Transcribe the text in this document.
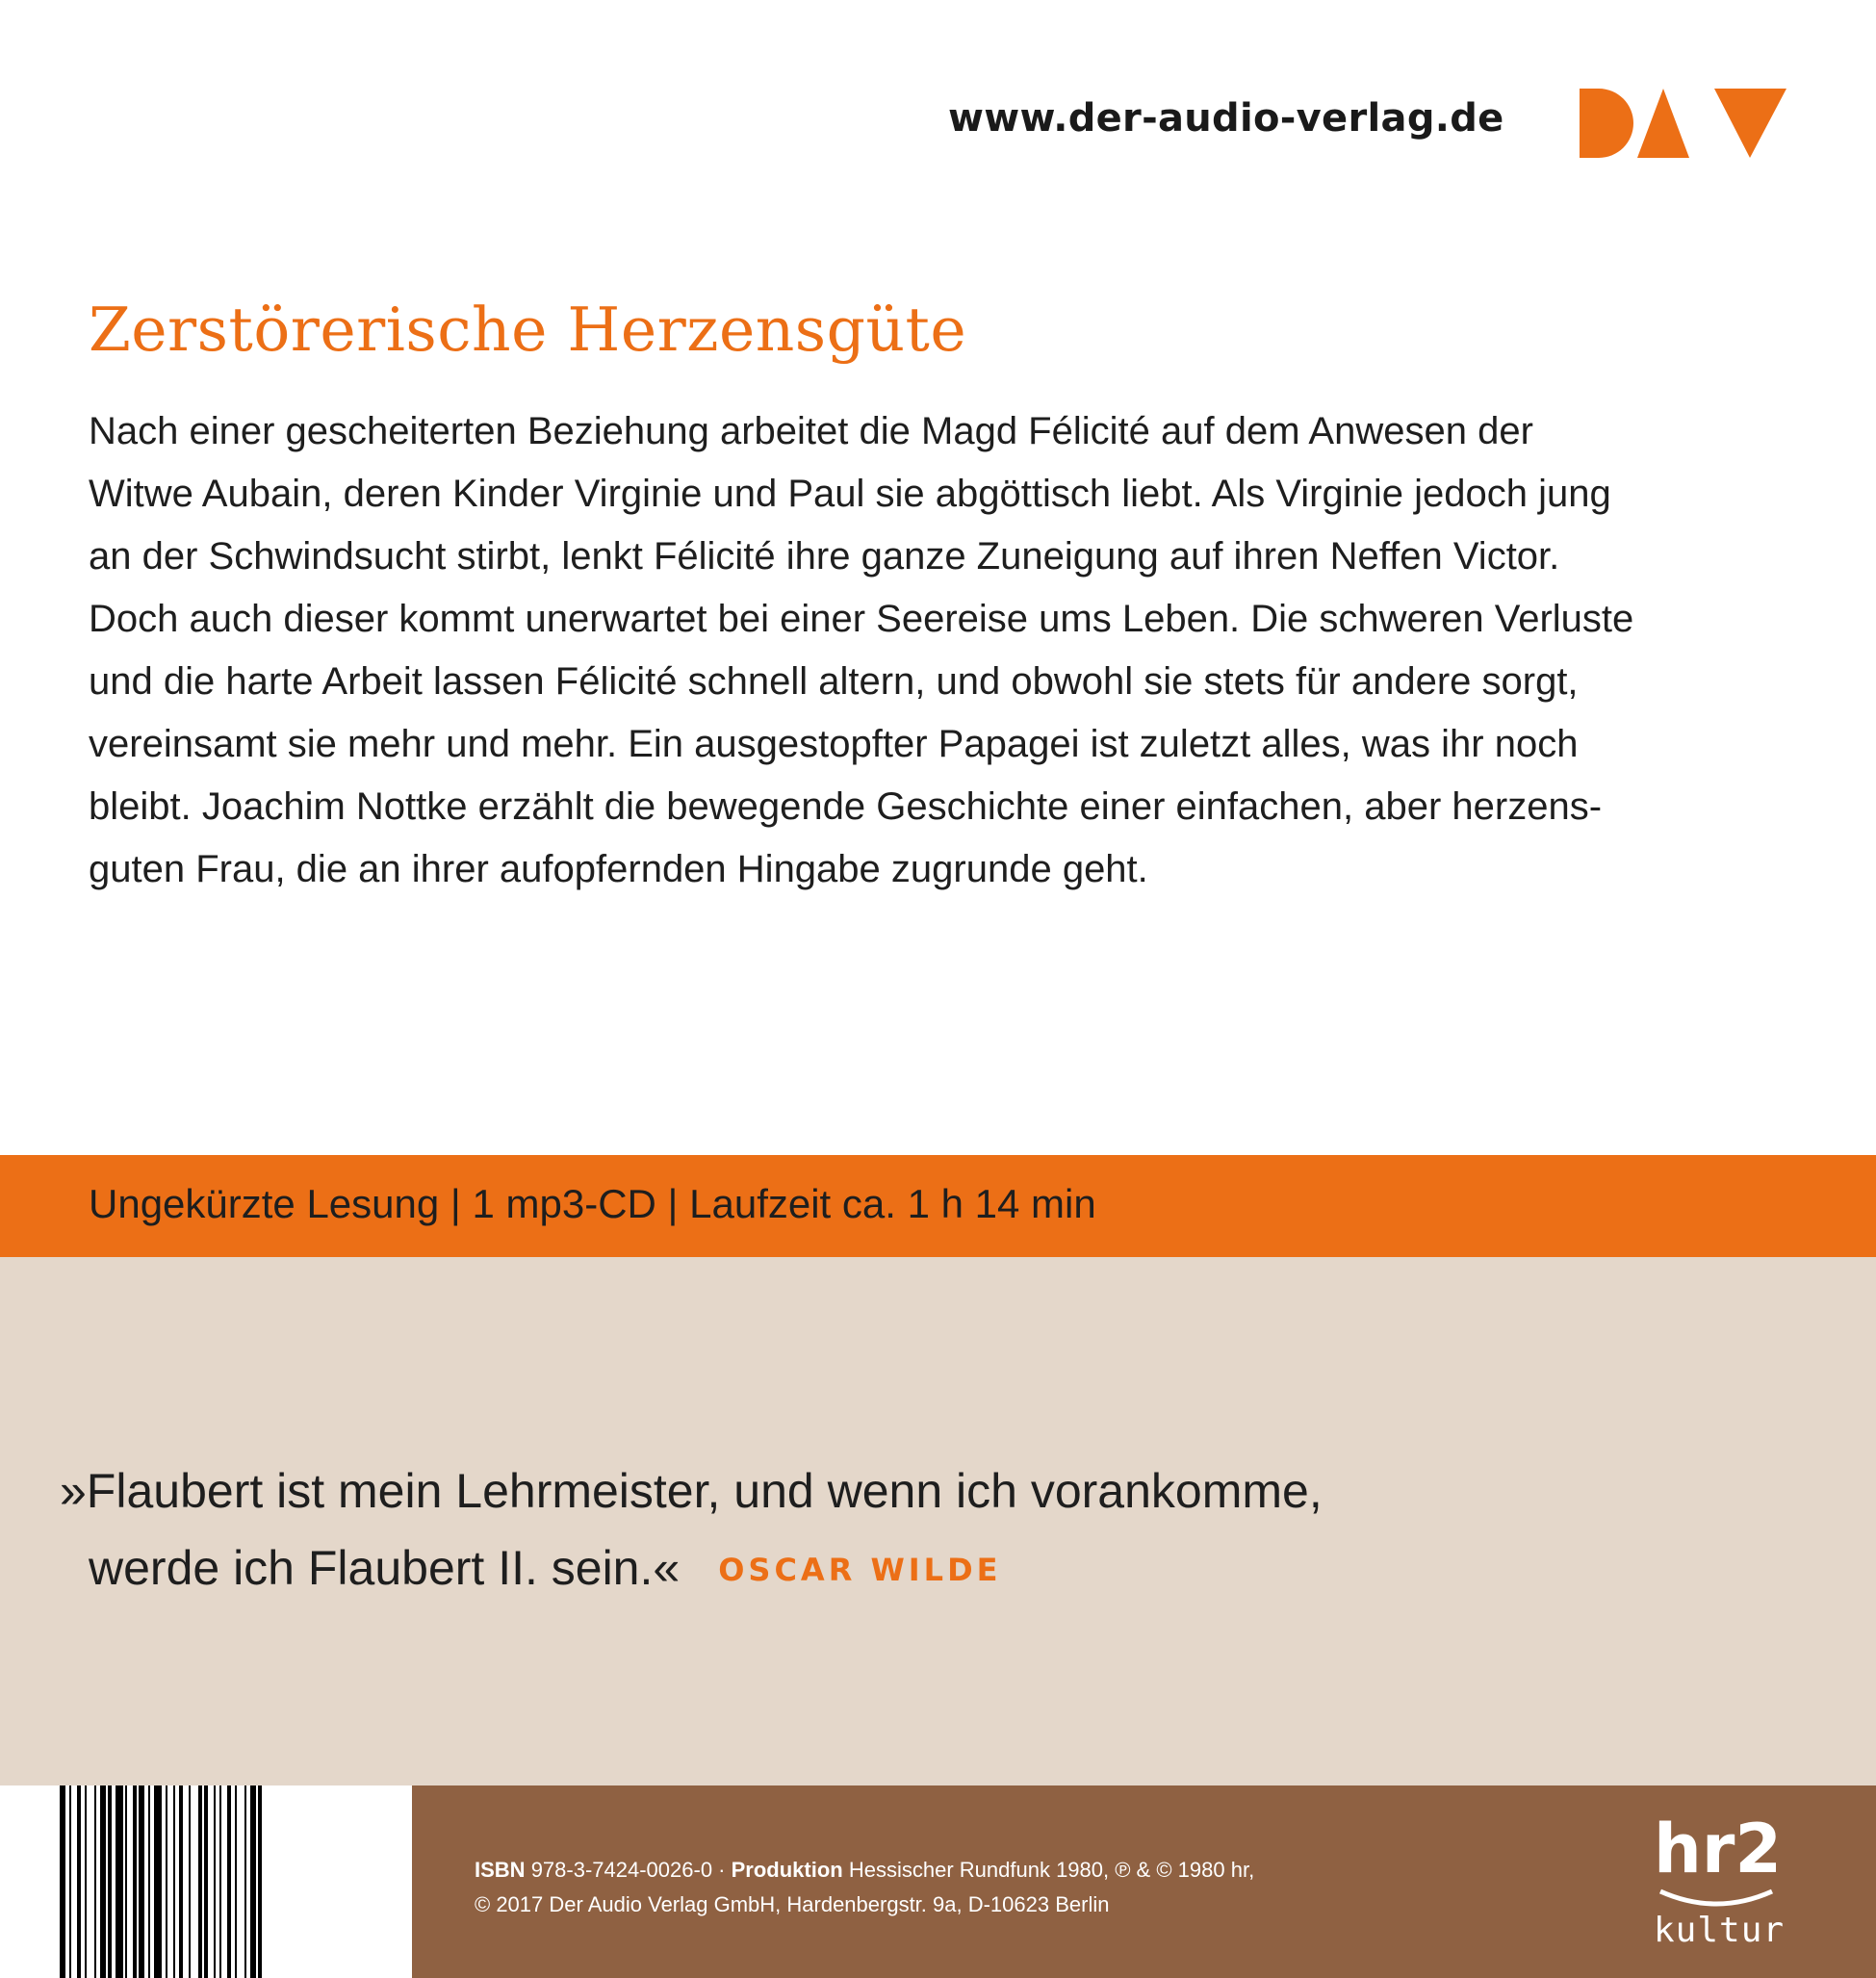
www.der-audio-verlag.de
Zerstörerische Herzensgüte
Nach einer gescheiterten Beziehung arbeitet die Magd Félicité auf dem Anwesen der
Witwe Aubain, deren Kinder Virginie und Paul sie abgöttisch liebt. Als Virginie jedoch jung
an der Schwindsucht stirbt, lenkt Félicité ihre ganze Zuneigung auf ihren Neffen Victor.
Doch auch dieser kommt unerwartet bei einer Seereise ums Leben. Die schweren Verluste
und die harte Arbeit lassen Félicité schnell altern, und obwohl sie stets für andere sorgt,
vereinsamt sie mehr und mehr. Ein ausgestopfter Papagei ist zuletzt alles, was ihr noch
bleibt. Joachim Nottke erzählt die bewegende Geschichte einer einfachen, aber herzens-
guten Frau, die an ihrer aufopfernden Hingabe zugrunde geht.
Ungekürzte Lesung | 1 mp3-CD | Laufzeit ca. 1 h 14 min
»Flaubert ist mein Lehrmeister, und wenn ich vorankomme,
werde ich Flaubert II. sein.« OSCAR WILDE
ISBN 978-3-7424-0026-0 · Produktion Hessischer Rundfunk 1980, ℗ & © 1980 hr,
© 2017 Der Audio Verlag GmbH, Hardenbergstr. 9a, D-10623 Berlin
hr2
kultur
